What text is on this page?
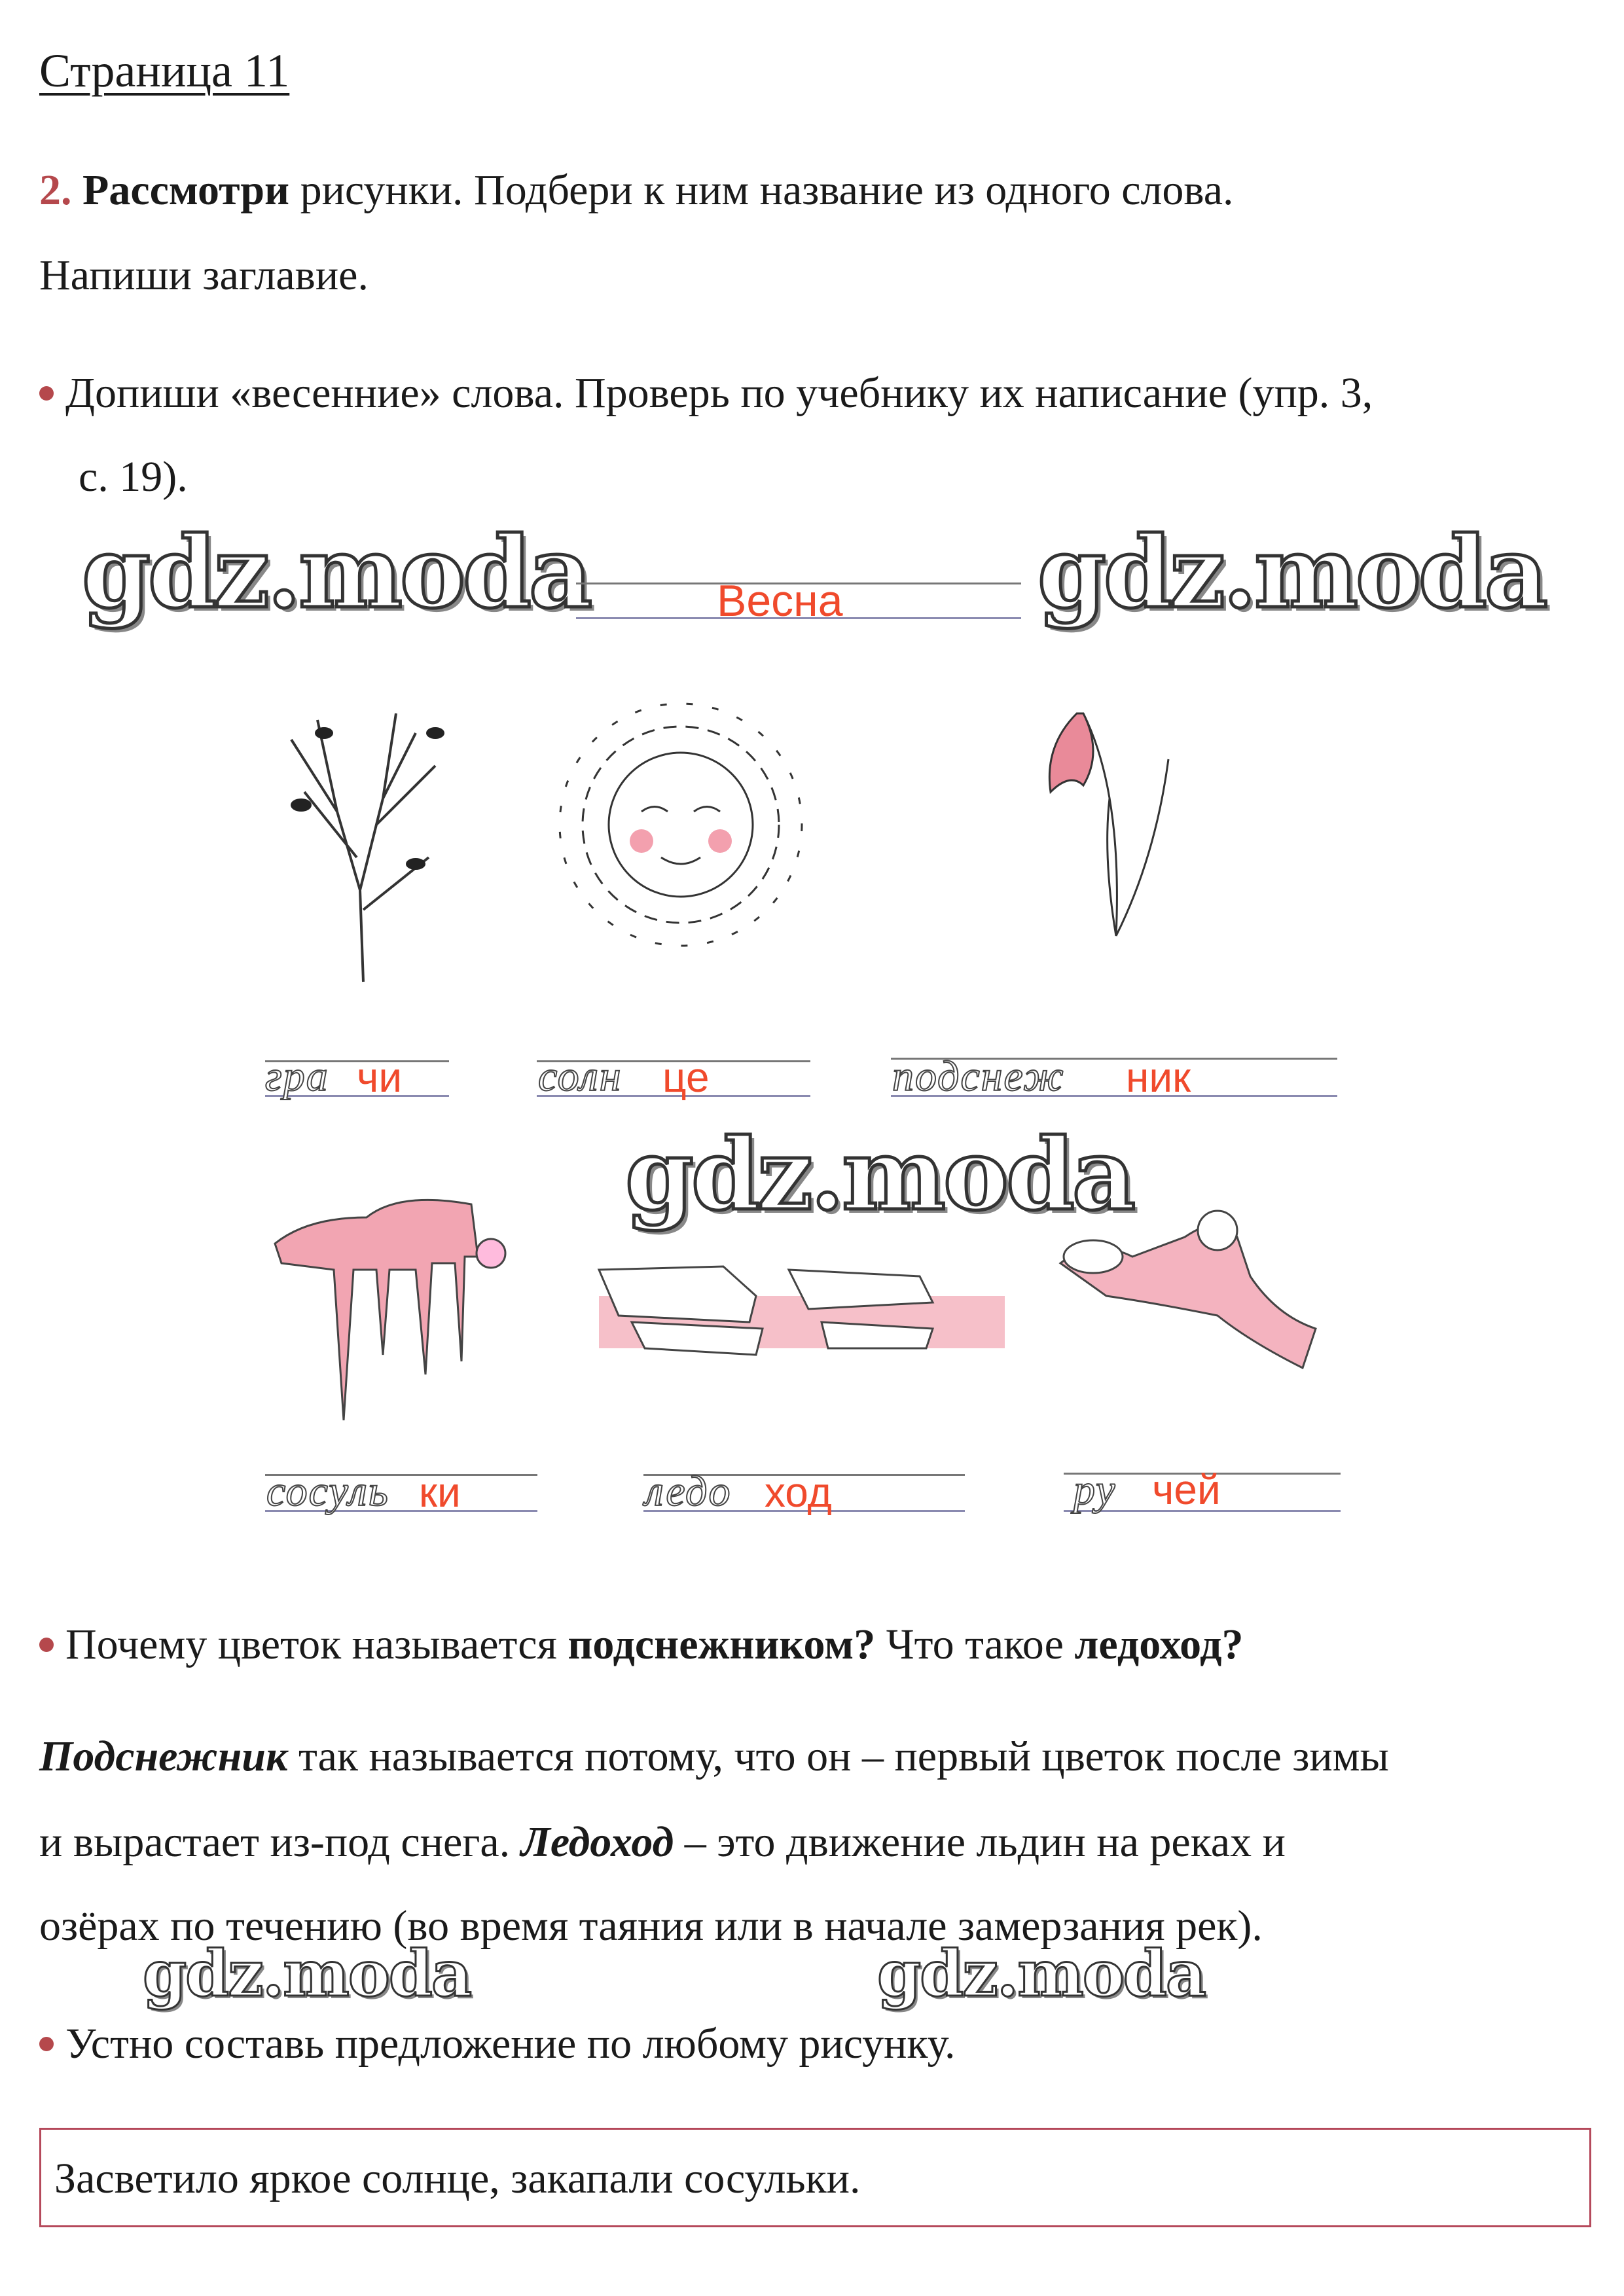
Страница 11
2. Рассмотри рисунки. Подбери к ним название из одного слова.
Напиши заглавие.
Допиши «весенние» слова. Проверь по учебнику их написание (упр. 3,
с. 19).
gdz.moda	gdz.moda
Весна
гра чи	солн це	подснеж ник
gdz.moda
сосуль ки	ледо ход	ру чей
Почему цветок называется подснежником? Что такое ледоход?
Подснежник так называется потому, что он – первый цветок после зимы
и вырастает из-под снега. Ледоход – это движение льдин на реках и
озёрах по течению (во время таяния или в начале замерзания рек).
gdz.moda	gdz.moda
Устно составь предложение по любому рисунку.
Засветило яркое солнце, закапали сосульки.
